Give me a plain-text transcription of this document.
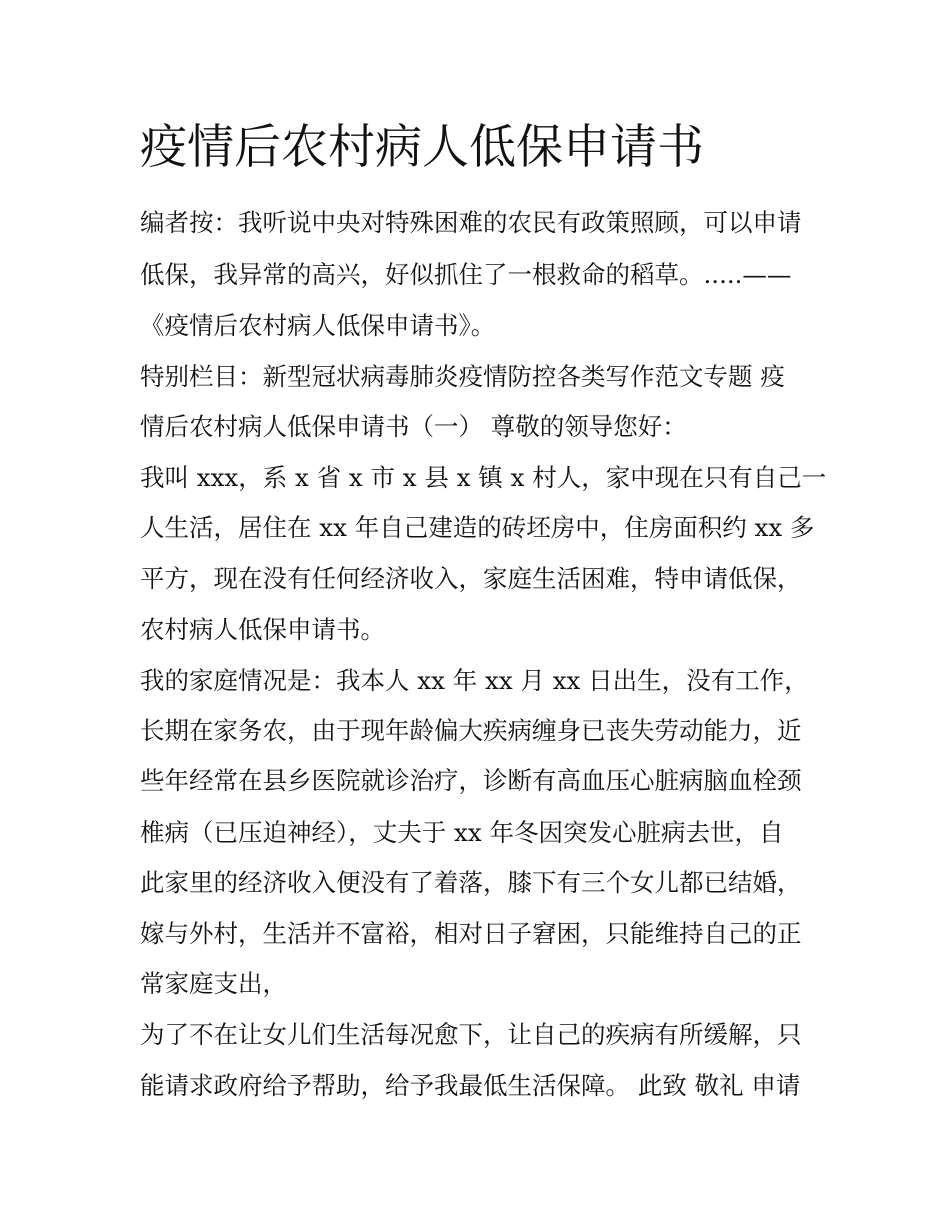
疫情后农村病人低保申请书

编者按：我听说中央对特殊困难的农民有政策照顾，可以申请

低保，我异常的高兴，好似抓住了一根救命的稻草。.....——

《疫情后农村病人低保申请书》。

特别栏目：新型冠状病毒肺炎疫情防控各类写作范文专题 疫

情后农村病人低保申请书（一） 尊敬的领导您好：

我叫 xxx，系 x 省 x 市 x 县 x 镇 x 村人，家中现在只有自己一

人生活，居住在 xx 年自己建造的砖坯房中，住房面积约 xx 多

平方，现在没有任何经济收入，家庭生活困难，特申请低保，

农村病人低保申请书。

我的家庭情况是：我本人 xx 年 xx 月 xx 日出生，没有工作，

长期在家务农，由于现年龄偏大疾病缠身已丧失劳动能力，近

些年经常在县乡医院就诊治疗，诊断有高血压心脏病脑血栓颈

椎病（已压迫神经），丈夫于 xx 年冬因突发心脏病去世，自

此家里的经济收入便没有了着落，膝下有三个女儿都已结婚，

嫁与外村，生活并不富裕，相对日子窘困，只能维持自己的正

常家庭支出，

为了不在让女儿们生活每况愈下，让自己的疾病有所缓解，只

能请求政府给予帮助，给予我最低生活保障。 此致 敬礼 申请
